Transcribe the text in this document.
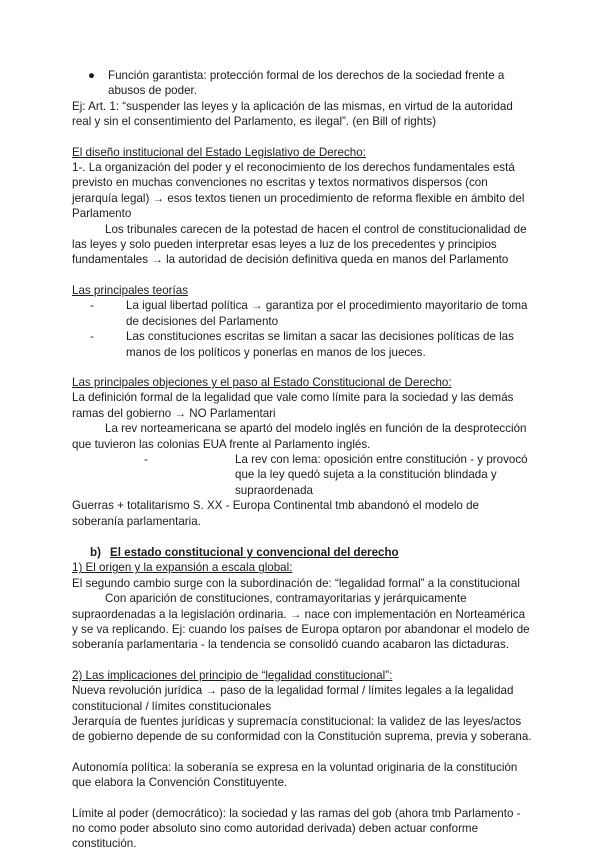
●	Función garantista: protección formal de los derechos de la sociedad frente a abusos de poder.

Ej: Art. 1: “suspender las leyes y la aplicación de las mismas, en virtud de la autoridad real y sin el consentimiento del Parlamento, es ilegal”. (en Bill of rights)

El diseño institucional del Estado Legislativo de Derecho:

1-. La organización del poder y el reconocimiento de los derechos fundamentales está previsto en muchas convenciones no escritas y textos normativos dispersos (con jerarquía legal) → esos textos tienen un procedimiento de reforma flexible en ámbito del Parlamento

Los tribunales carecen de la potestad de hacen el control de constitucionalidad de las leyes y solo pueden interpretar esas leyes a luz de los precedentes y principios fundamentales → la autoridad de decisión definitiva queda en manos del Parlamento

Las principales teorías

-	La igual libertad política → garantiza por el procedimiento mayoritario de toma de decisiones del Parlamento
-	Las constituciones escritas se limitan a sacar las decisiones políticas de las manos de los políticos y ponerlas en manos de los jueces.

Las principales objeciones y el paso al Estado Constitucional de Derecho:

La definición formal de la legalidad que vale como límite para la sociedad y las demás ramas del gobierno → NO Parlamentari

La rev norteamericana se apartó del modelo inglés en función de la desprotección que tuvieron las colonias EUA frente al Parlamento inglés.

-	La rev con lema: oposición entre constitución - y provocó que la ley quedó sujeta a la constitución blindada y supraordenada

Guerras + totalitarismo S. XX - Europa Continental tmb abandonó el modelo de soberanía parlamentaria.

b) El estado constitucional y convencional del derecho

1) El origen y la expansión a escala global:

El segundo cambio surge con la subordinación de: “legalidad formal” a la constitucional

Con aparición de constituciones, contramayoritarias y jerárquicamente supraordenadas a la legislación ordinaria. → nace con implementación en Norteamérica y se va replicando. Ej: cuando los países de Europa optaron por abandonar el modelo de soberanía parlamentaria - la tendencia se consolidó cuando acabaron las dictaduras.

2) Las implicaciones del principio de “legalidad constitucional”:

Nueva revolución jurídica → paso de la legalidad formal / límites legales a la legalidad constitucional / límites constitucionales

Jerarquía de fuentes jurídicas y supremacía constitucional: la validez de las leyes/actos de gobierno depende de su conformidad con la Constitución suprema, previa y soberana.

Autonomía política: la soberanía se expresa en la voluntad originaria de la constitución que elabora la Convención Constituyente.

Límite al poder (democrático): la sociedad y las ramas del gob (ahora tmb Parlamento - no como poder absoluto sino como autoridad derivada) deben actuar conforme constitución.
